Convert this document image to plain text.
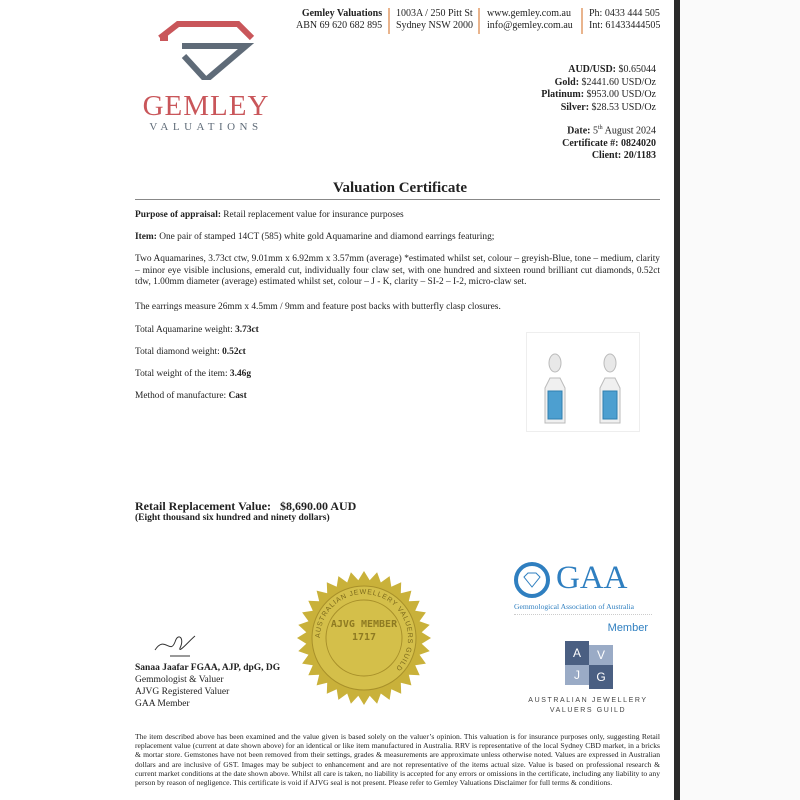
GEMLEY
VALUATIONS
Gemley Valuations
ABN 69 620 682 895
1003A / 250 Pitt St
Sydney NSW 2000
www.gemley.com.au
info@gemley.com.au
Ph: 0433 444 505
Int: 61433444505
AUD/USD: $0.65044
Gold: $2441.60 USD/Oz
Platinum: $953.00 USD/Oz
Silver: $28.53 USD/Oz
Date: 5th August 2024
Certificate #: 0824020
Client: 20/1183
Valuation Certificate
Purpose of appraisal: Retail replacement value for insurance purposes
Item: One pair of stamped 14CT (585) white gold Aquamarine and diamond earrings featuring;
Two Aquamarines, 3.73ct ctw, 9.01mm x 6.92mm x 3.57mm (average) *estimated whilst set, colour – greyish-Blue, tone – medium, clarity – minor eye visible inclusions, emerald cut, individually four claw set, with one hundred and sixteen round brilliant cut diamonds, 0.52ct tdw, 1.00mm diameter (average) estimated whilst set, colour – J - K, clarity – SI-2 – I-2, micro-claw set.
The earrings measure 26mm x 4.5mm / 9mm and feature post backs with butterfly clasp closures.
Total Aquamarine weight: 3.73ct
Total diamond weight: 0.52ct
Total weight of the item: 3.46g
Method of manufacture: Cast
Retail Replacement Value: $8,690.00 AUD
(Eight thousand six hundred and ninety dollars)
AUSTRALIAN JEWELLERY VALUERS GUILD
AJVG MEMBER 1717
Sanaa Jaafar FGAA, AJP, dpG, DG
Gemmologist & Valuer
AJVG Registered Valuer
GAA Member
GAA
Gemmological Association of Australia
Member
A	V
J	G
AUSTRALIAN JEWELLERY
VALUERS GUILD
The item described above has been examined and the value given is based solely on the valuer’s opinion. This valuation is for insurance purposes only, suggesting Retail replacement value (current at date shown above) for an identical or like item manufactured in Australia. RRV is representative of the local Sydney CBD market, in a bricks & mortar store. Gemstones have not been removed from their settings, grades & measurements are approximate unless otherwise noted. Values are expressed in Australian dollars and are inclusive of GST. Images may be subject to enhancement and are not representative of the items actual size. Value is based on professional research & current market conditions at the date shown above. Whilst all care is taken, no liability is accepted for any errors or omissions in the certificate, including any liability to any person by reason of negligence. This certificate is void if AJVG seal is not present. Please refer to Gemley Valuations Disclaimer for full terms & conditions.
